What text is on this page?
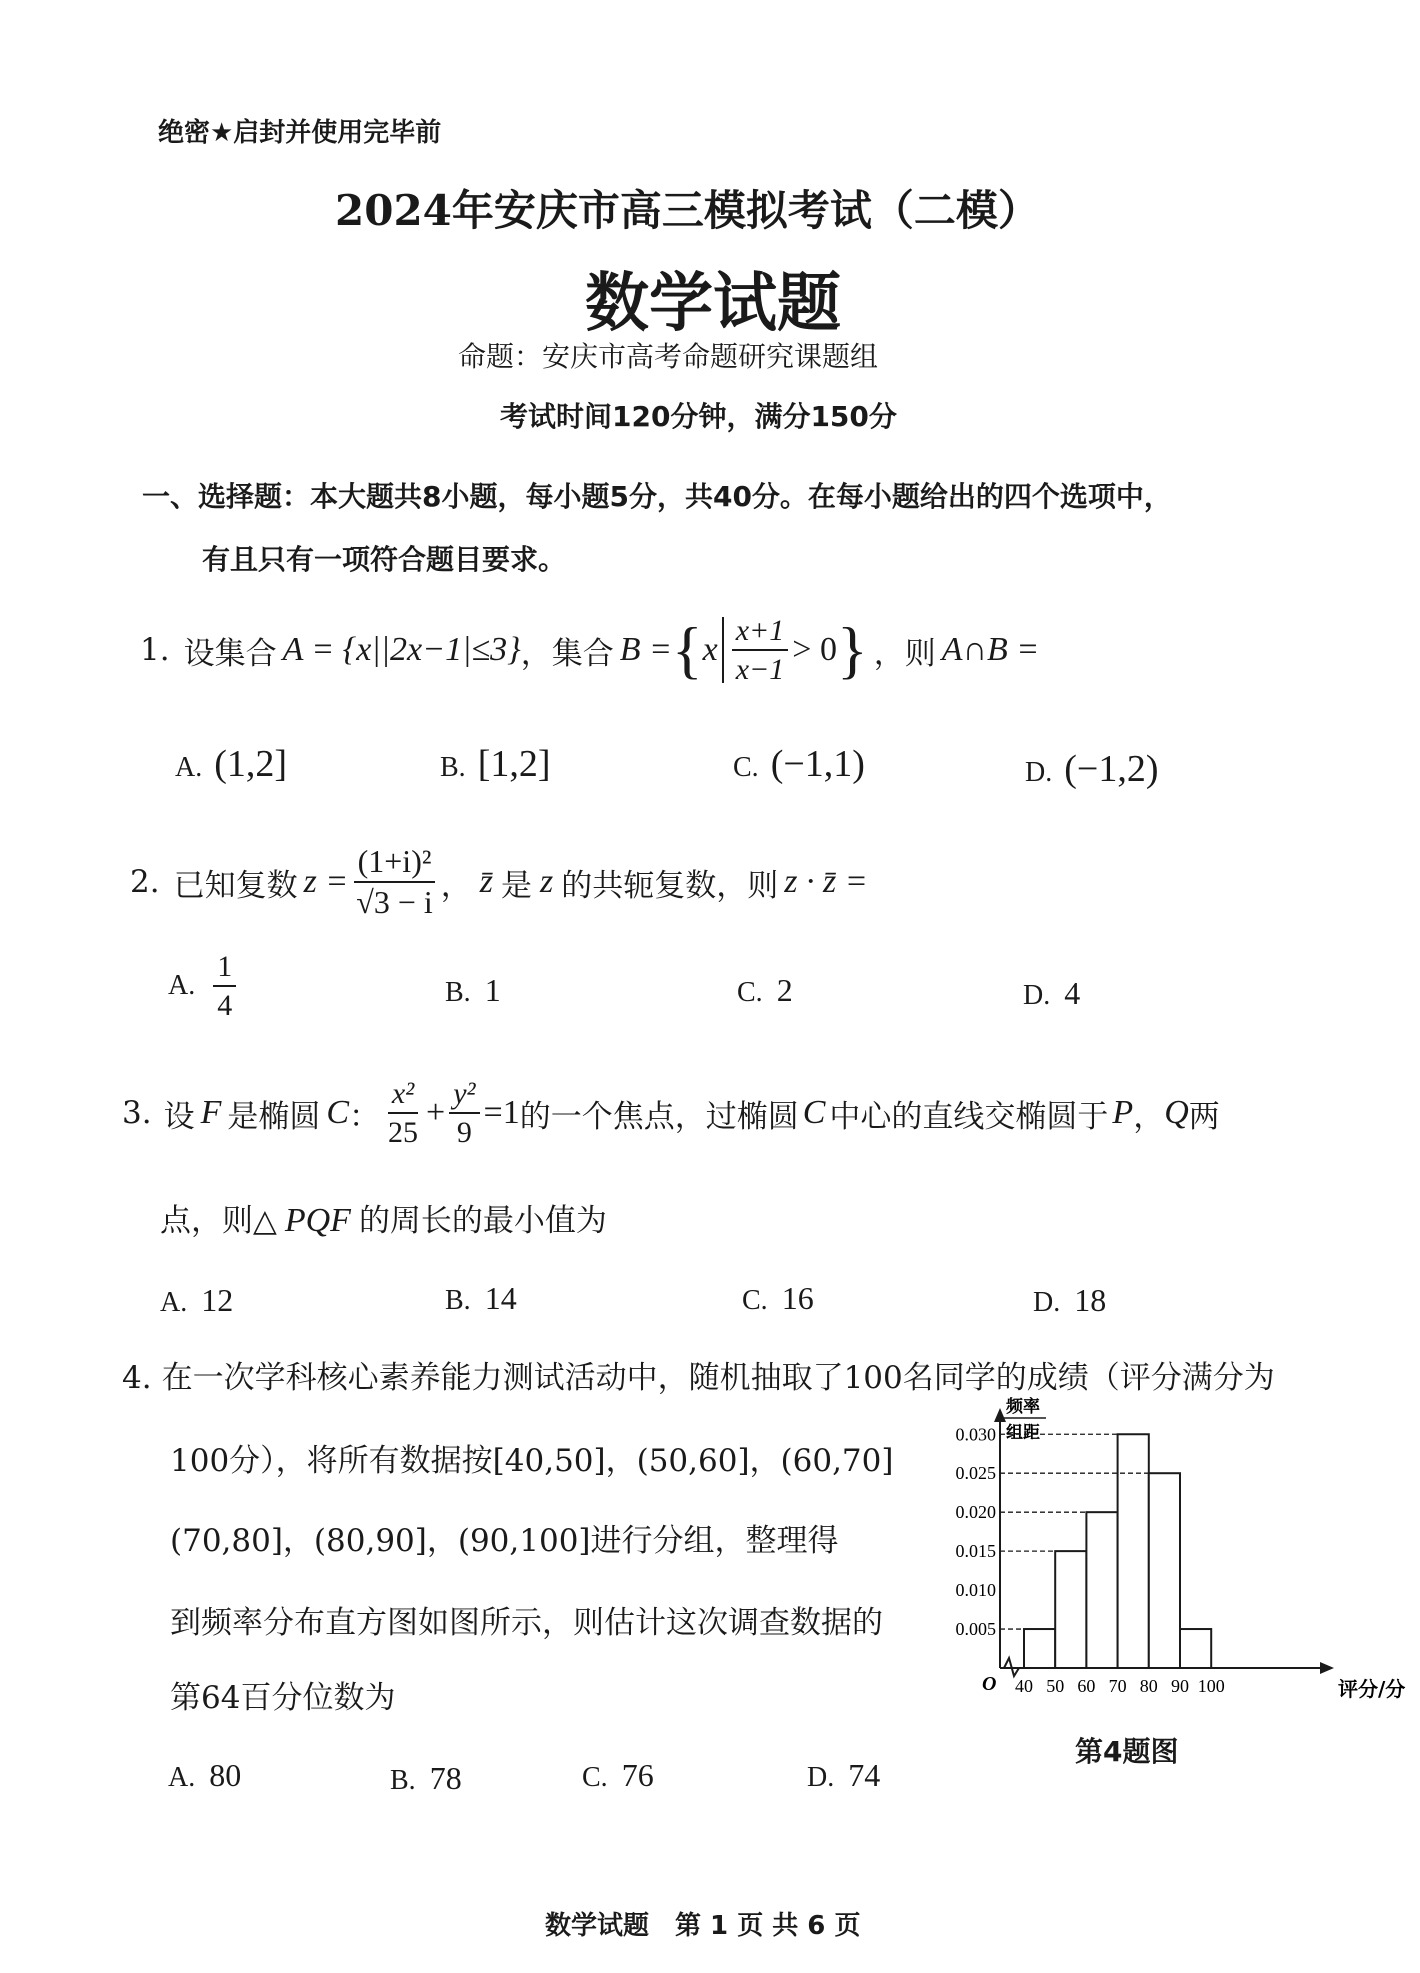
绝密★启封并使用完毕前
2024年安庆市高三模拟考试（二模）
数学试题
命题：安庆市高考命题研究课题组
考试时间120分钟，满分150分
一、选择题：本大题共8小题，每小题5分，共40分。在每小题给出的四个选项中，
有且只有一项符合题目要求。
1. 设集合 A = {x||2x−1|≤3} ，集合 B = { x $\frac{x+1}{x-1} > 0$ } ，则 A∩B =
A. (1,2]	B. [1,2]	C. (−1,1)	D. (−1,2)
2. 已知复数 $z = \frac{\text{(1+i)²}}{√3 - i}$ ， z̄ 是 z 的共轭复数，则 z · z̄ =
A. $\frac{1}{4}$	B. 1	C. 2	D. 4
3. 设 F 是椭圆 C ： $\frac{\text{x²}}{25} + \frac{\text{y²}}{9} =1$ 的一个焦点，过椭圆 C 中心的直线交椭圆于 P ， Q 两
点，则△ PQF 的周长的最小值为
A. 12	B. 14	C. 16	D. 18
4. 在一次学科核心素养能力测试活动中，随机抽取了100名同学的成绩（评分满分为
100分），将所有数据按[40,50]，(50,60]，(60,70]
(70,80]，(80,90]，(90,100]进行分组，整理得
到频率分布直方图如图所示，则估计这次调查数据的
第64百分位数为
A. 80	B. 78	C. 76	D. 74
频率
组距
O
0.005
0.010
0.015
0.020
0.025
0.030
40 50 60 70 80 90 100	评分/分
第4题图
数学试题　第 1 页 共 6 页
